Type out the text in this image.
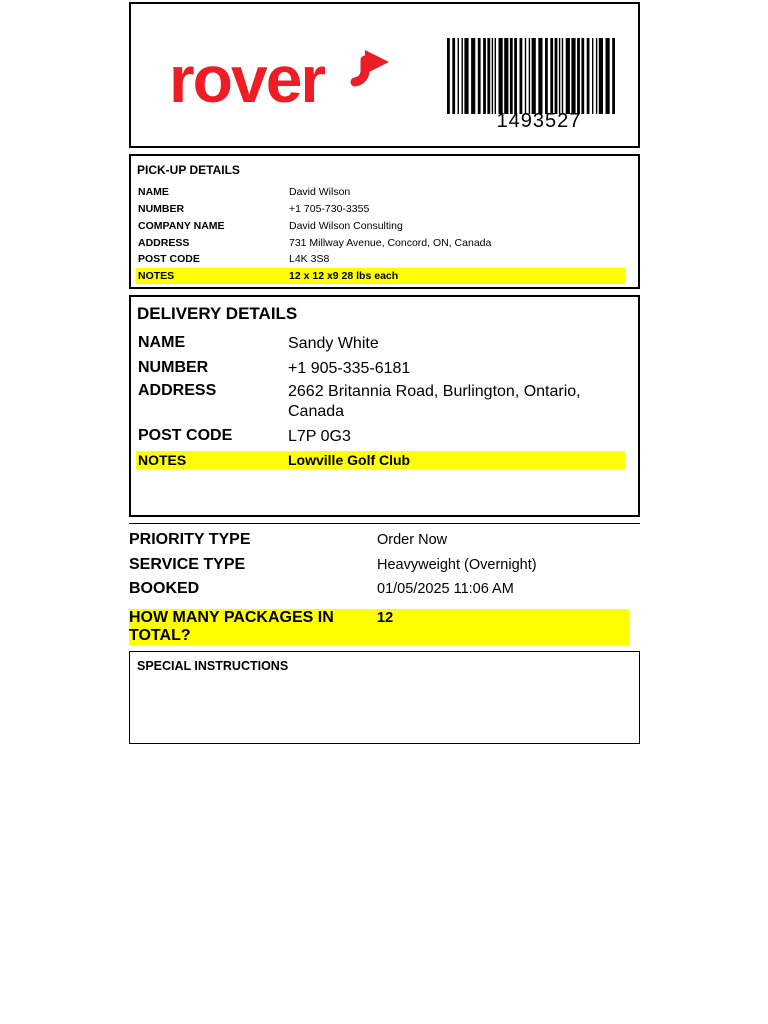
rover
1493527
PICK-UP DETAILS
NAME	David Wilson
NUMBER	+1 705-730-3355
COMPANY NAME	David Wilson Consulting
ADDRESS	731 Millway Avenue, Concord, ON, Canada
POST CODE	L4K 3S8
NOTES	12 x 12 x9 28 lbs each
DELIVERY DETAILS
NAME	Sandy White
NUMBER	+1 905-335-6181
ADDRESS	2662 Britannia Road, Burlington, Ontario, Canada
POST CODE	L7P 0G3
NOTES	Lowville Golf Club
PRIORITY TYPE	Order Now
SERVICE TYPE	Heavyweight (Overnight)
BOOKED	01/05/2025 11:06 AM
HOW MANY PACKAGES IN TOTAL?
12
SPECIAL INSTRUCTIONS
